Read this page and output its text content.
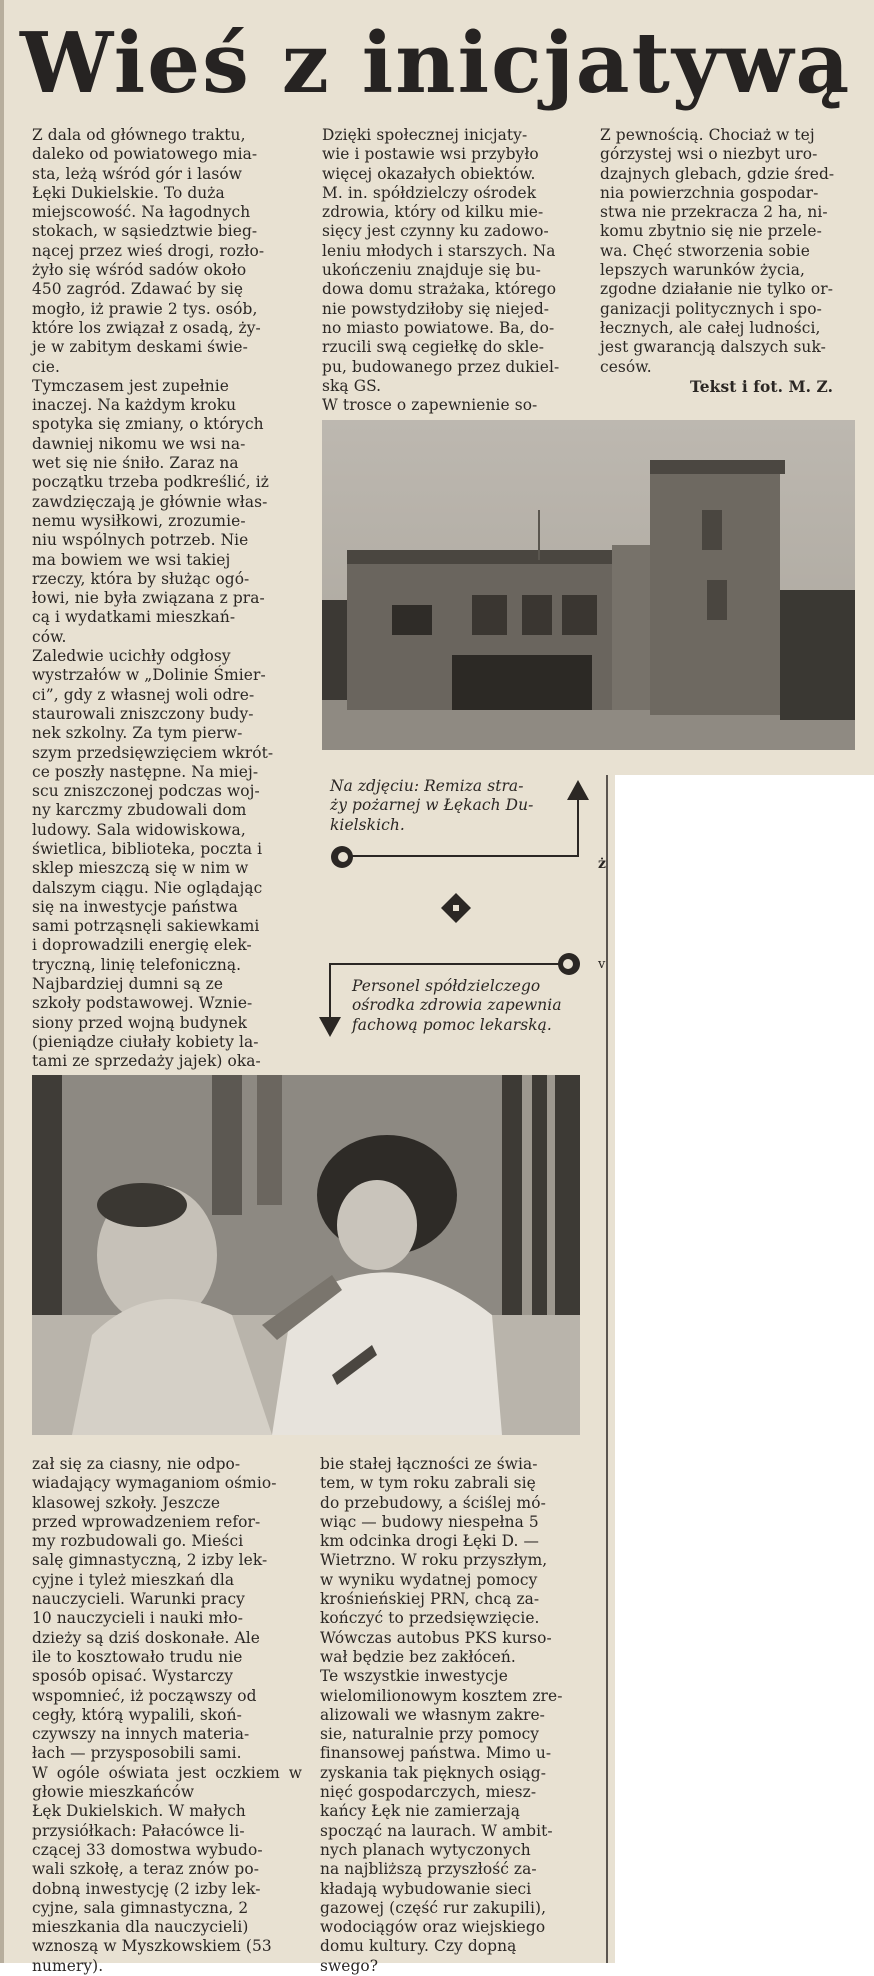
Wieś z inicjatywą
Z dala od głównego traktu,
daleko od powiatowego mia-
sta, leżą wśród gór i lasów
Łęki Dukielskie. To duża
miejscowość. Na łagodnych
stokach, w sąsiedztwie bieg-
nącej przez wieś drogi, rozło-
żyło się wśród sadów około
450 zagród. Zdawać by się
mogło, iż prawie 2 tys. osób,
które los związał z osadą, ży-
je w zabitym deskami świe-
cie.
Tymczasem jest zupełnie
inaczej. Na każdym kroku
spotyka się zmiany, o których
dawniej nikomu we wsi na-
wet się nie śniło. Zaraz na
początku trzeba podkreślić, iż
zawdzięczają je głównie włas-
nemu wysiłkowi, zrozumie-
niu wspólnych potrzeb. Nie
ma bowiem we wsi takiej
rzeczy, która by służąc ogó-
łowi, nie była związana z pra-
cą i wydatkami mieszkań-
ców.
Zaledwie ucichły odgłosy
wystrzałów w „Dolinie Śmier-
ci”, gdy z własnej woli odre-
staurowali zniszczony budy-
nek szkolny. Za tym pierw-
szym przedsięwzięciem wkrót-
ce poszły następne. Na miej-
scu zniszczonej podczas woj-
ny karczmy zbudowali dom
ludowy. Sala widowiskowa,
świetlica, biblioteka, poczta i
sklep mieszczą się w nim w
dalszym ciągu. Nie oglądając
się na inwestycje państwa
sami potrząsnęli sakiewkami
i doprowadzili energię elek-
tryczną, linię telefoniczną.
Najbardziej dumni są ze
szkoły podstawowej. Wznie-
siony przed wojną budynek
(pieniądze ciułały kobiety la-
tami ze sprzedaży jajek) oka-
Dzięki społecznej inicjaty-
wie i postawie wsi przybyło
więcej okazałych obiektów.
M. in. spółdzielczy ośrodek
zdrowia, który od kilku mie-
sięcy jest czynny ku zadowo-
leniu młodych i starszych. Na
ukończeniu znajduje się bu-
dowa domu strażaka, którego
nie powstydziłoby się niejed-
no miasto powiatowe. Ba, do-
rzucili swą cegiełkę do skle-
pu, budowanego przez dukiel-
ską GS.
W trosce o zapewnienie so-
Z pewnością. Chociaż w tej
górzystej wsi o niezbyt uro-
dzajnych glebach, gdzie śred-
nia powierzchnia gospodar-
stwa nie przekracza 2 ha, ni-
komu zbytnio się nie przele-
wa. Chęć stworzenia sobie
lepszych warunków życia,
zgodne działanie nie tylko or-
ganizacji politycznych i spo-
łecznych, ale całej ludności,
jest gwarancją dalszych suk-
cesów.
Tekst i fot. M. Z.
Na zdjęciu: Remiza stra-
ży pożarnej w Łękach Du-
kielskich.
Personel spółdzielczego
ośrodka zdrowia zapewnia
fachową pomoc lekarską.
zał się za ciasny, nie odpo-
wiadający wymaganiom ośmio-
klasowej szkoły. Jeszcze
przed wprowadzeniem refor-
my rozbudowali go. Mieści
salę gimnastyczną, 2 izby lek-
cyjne i tyleż mieszkań dla
nauczycieli. Warunki pracy
10 nauczycieli i nauki mło-
dzieży są dziś doskonałe. Ale
ile to kosztowało trudu nie
sposób opisać. Wystarczy
wspomnieć, iż począwszy od
cegły, którą wypalili, skoń-
czywszy na innych materia-
łach — przysposobili sami.
W ogóle oświata jest oczkiem w głowie mieszkańców
Łęk Dukielskich. W małych
przysiółkach: Pałacówce li-
czącej 33 domostwa wybudo-
wali szkołę, a teraz znów po-
dobną inwestycję (2 izby lek-
cyjne, sala gimnastyczna, 2
mieszkania dla nauczycieli)
wznoszą w Myszkowskiem (53
numery).
bie stałej łączności ze świa-
tem, w tym roku zabrali się
do przebudowy, a ściślej mó-
wiąc — budowy niespełna 5
km odcinka drogi Łęki D. —
Wietrzno. W roku przyszłym,
w wyniku wydatnej pomocy
krośnieńskiej PRN, chcą za-
kończyć to przedsięwzięcie.
Wówczas autobus PKS kurso-
wał będzie bez zakłóceń.
Te wszystkie inwestycje
wielomilionowym kosztem zre-
alizowali we własnym zakre-
sie, naturalnie przy pomocy
finansowej państwa. Mimo u-
zyskania tak pięknych osiąg-
nięć gospodarczych, miesz-
kańcy Łęk nie zamierzają
spocząć na laurach. W ambit-
nych planach wytyczonych
na najbliższą przyszłość za-
kładają wybudowanie sieci
gazowej (część rur zakupili),
wodociągów oraz wiejskiego
domu kultury. Czy dopną
swego?
ż
v
